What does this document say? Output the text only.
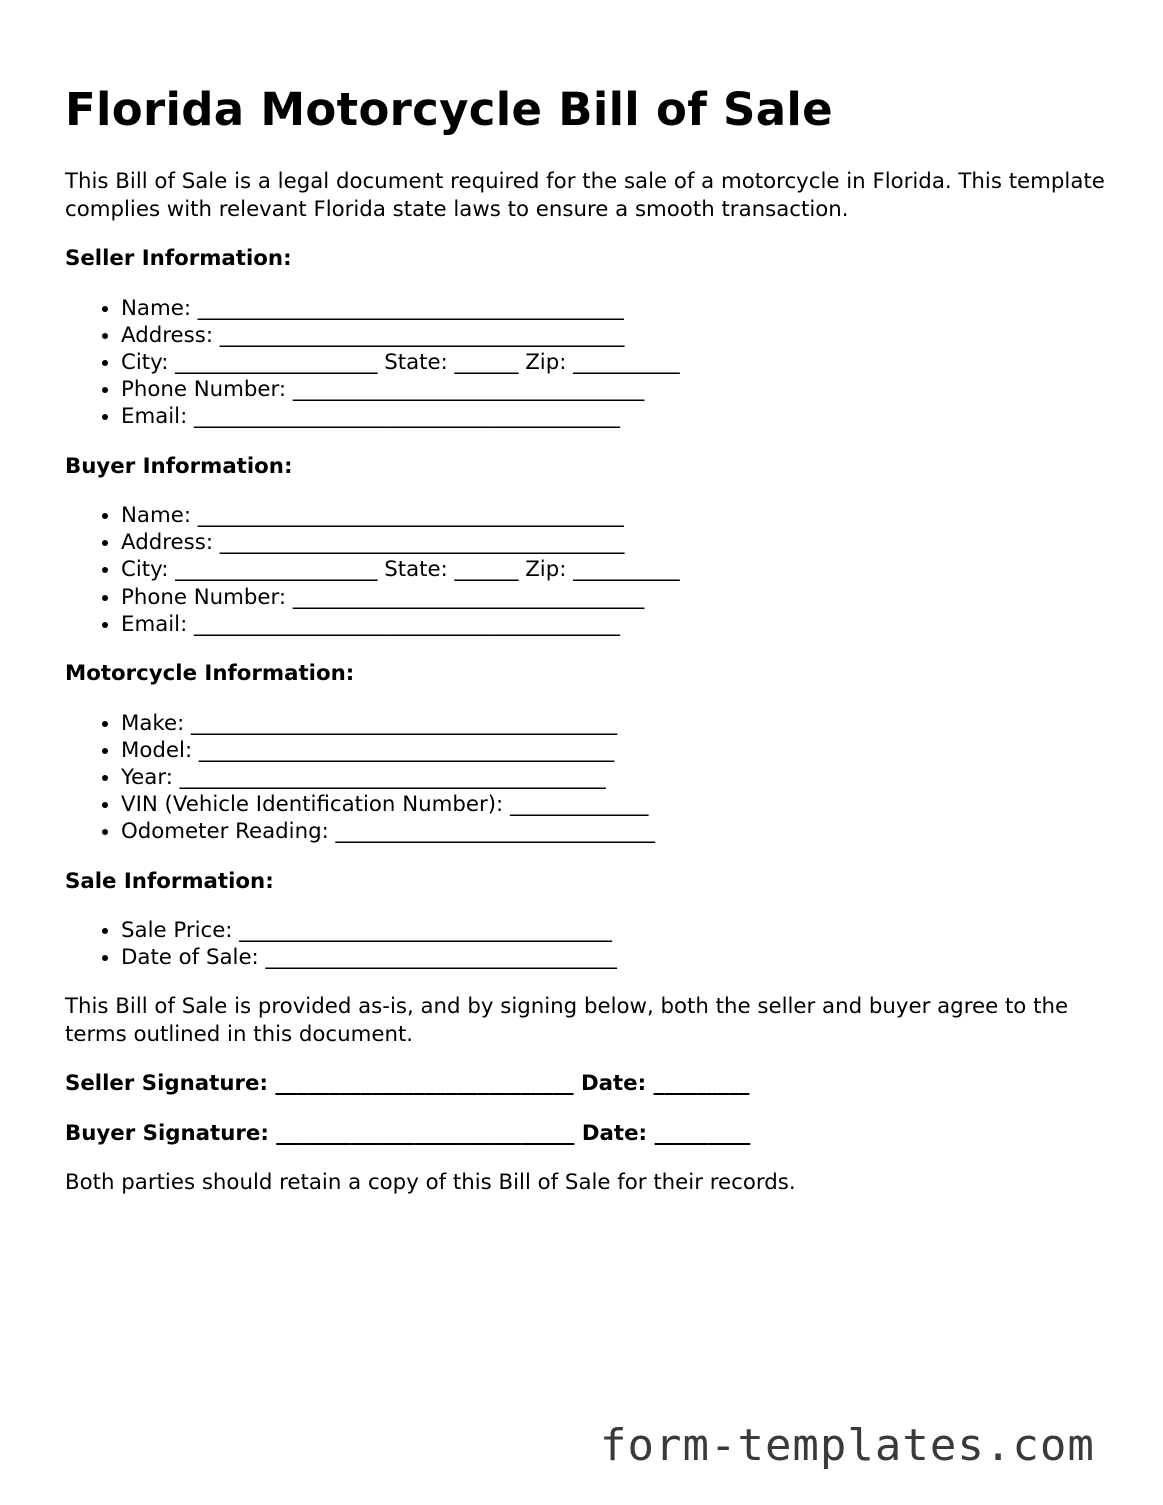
Florida Motorcycle Bill of Sale

This Bill of Sale is a legal document required for the sale of a motorcycle in Florida. This template complies with relevant Florida state laws to ensure a smooth transaction.

Seller Information:
• Name: ________________________________________
• Address: ______________________________________
• City: ___________________ State: ______ Zip: __________
• Phone Number: _________________________________
• Email: ________________________________________
Buyer Information:
• Name: ________________________________________
• Address: ______________________________________
• City: ___________________ State: ______ Zip: __________
• Phone Number: _________________________________
• Email: ________________________________________
Motorcycle Information:
• Make: ________________________________________
• Model: _______________________________________
• Year: ________________________________________
• VIN (Vehicle Identification Number): _____________
• Odometer Reading: ______________________________
Sale Information:
• Sale Price: ___________________________________
• Date of Sale: _________________________________

This Bill of Sale is provided as-is, and by signing below, both the seller and buyer agree to the terms outlined in this document.

Seller Signature: ____________________________ Date: _________
Buyer Signature: ____________________________ Date: _________

Both parties should retain a copy of this Bill of Sale for their records.

form-templates.com
